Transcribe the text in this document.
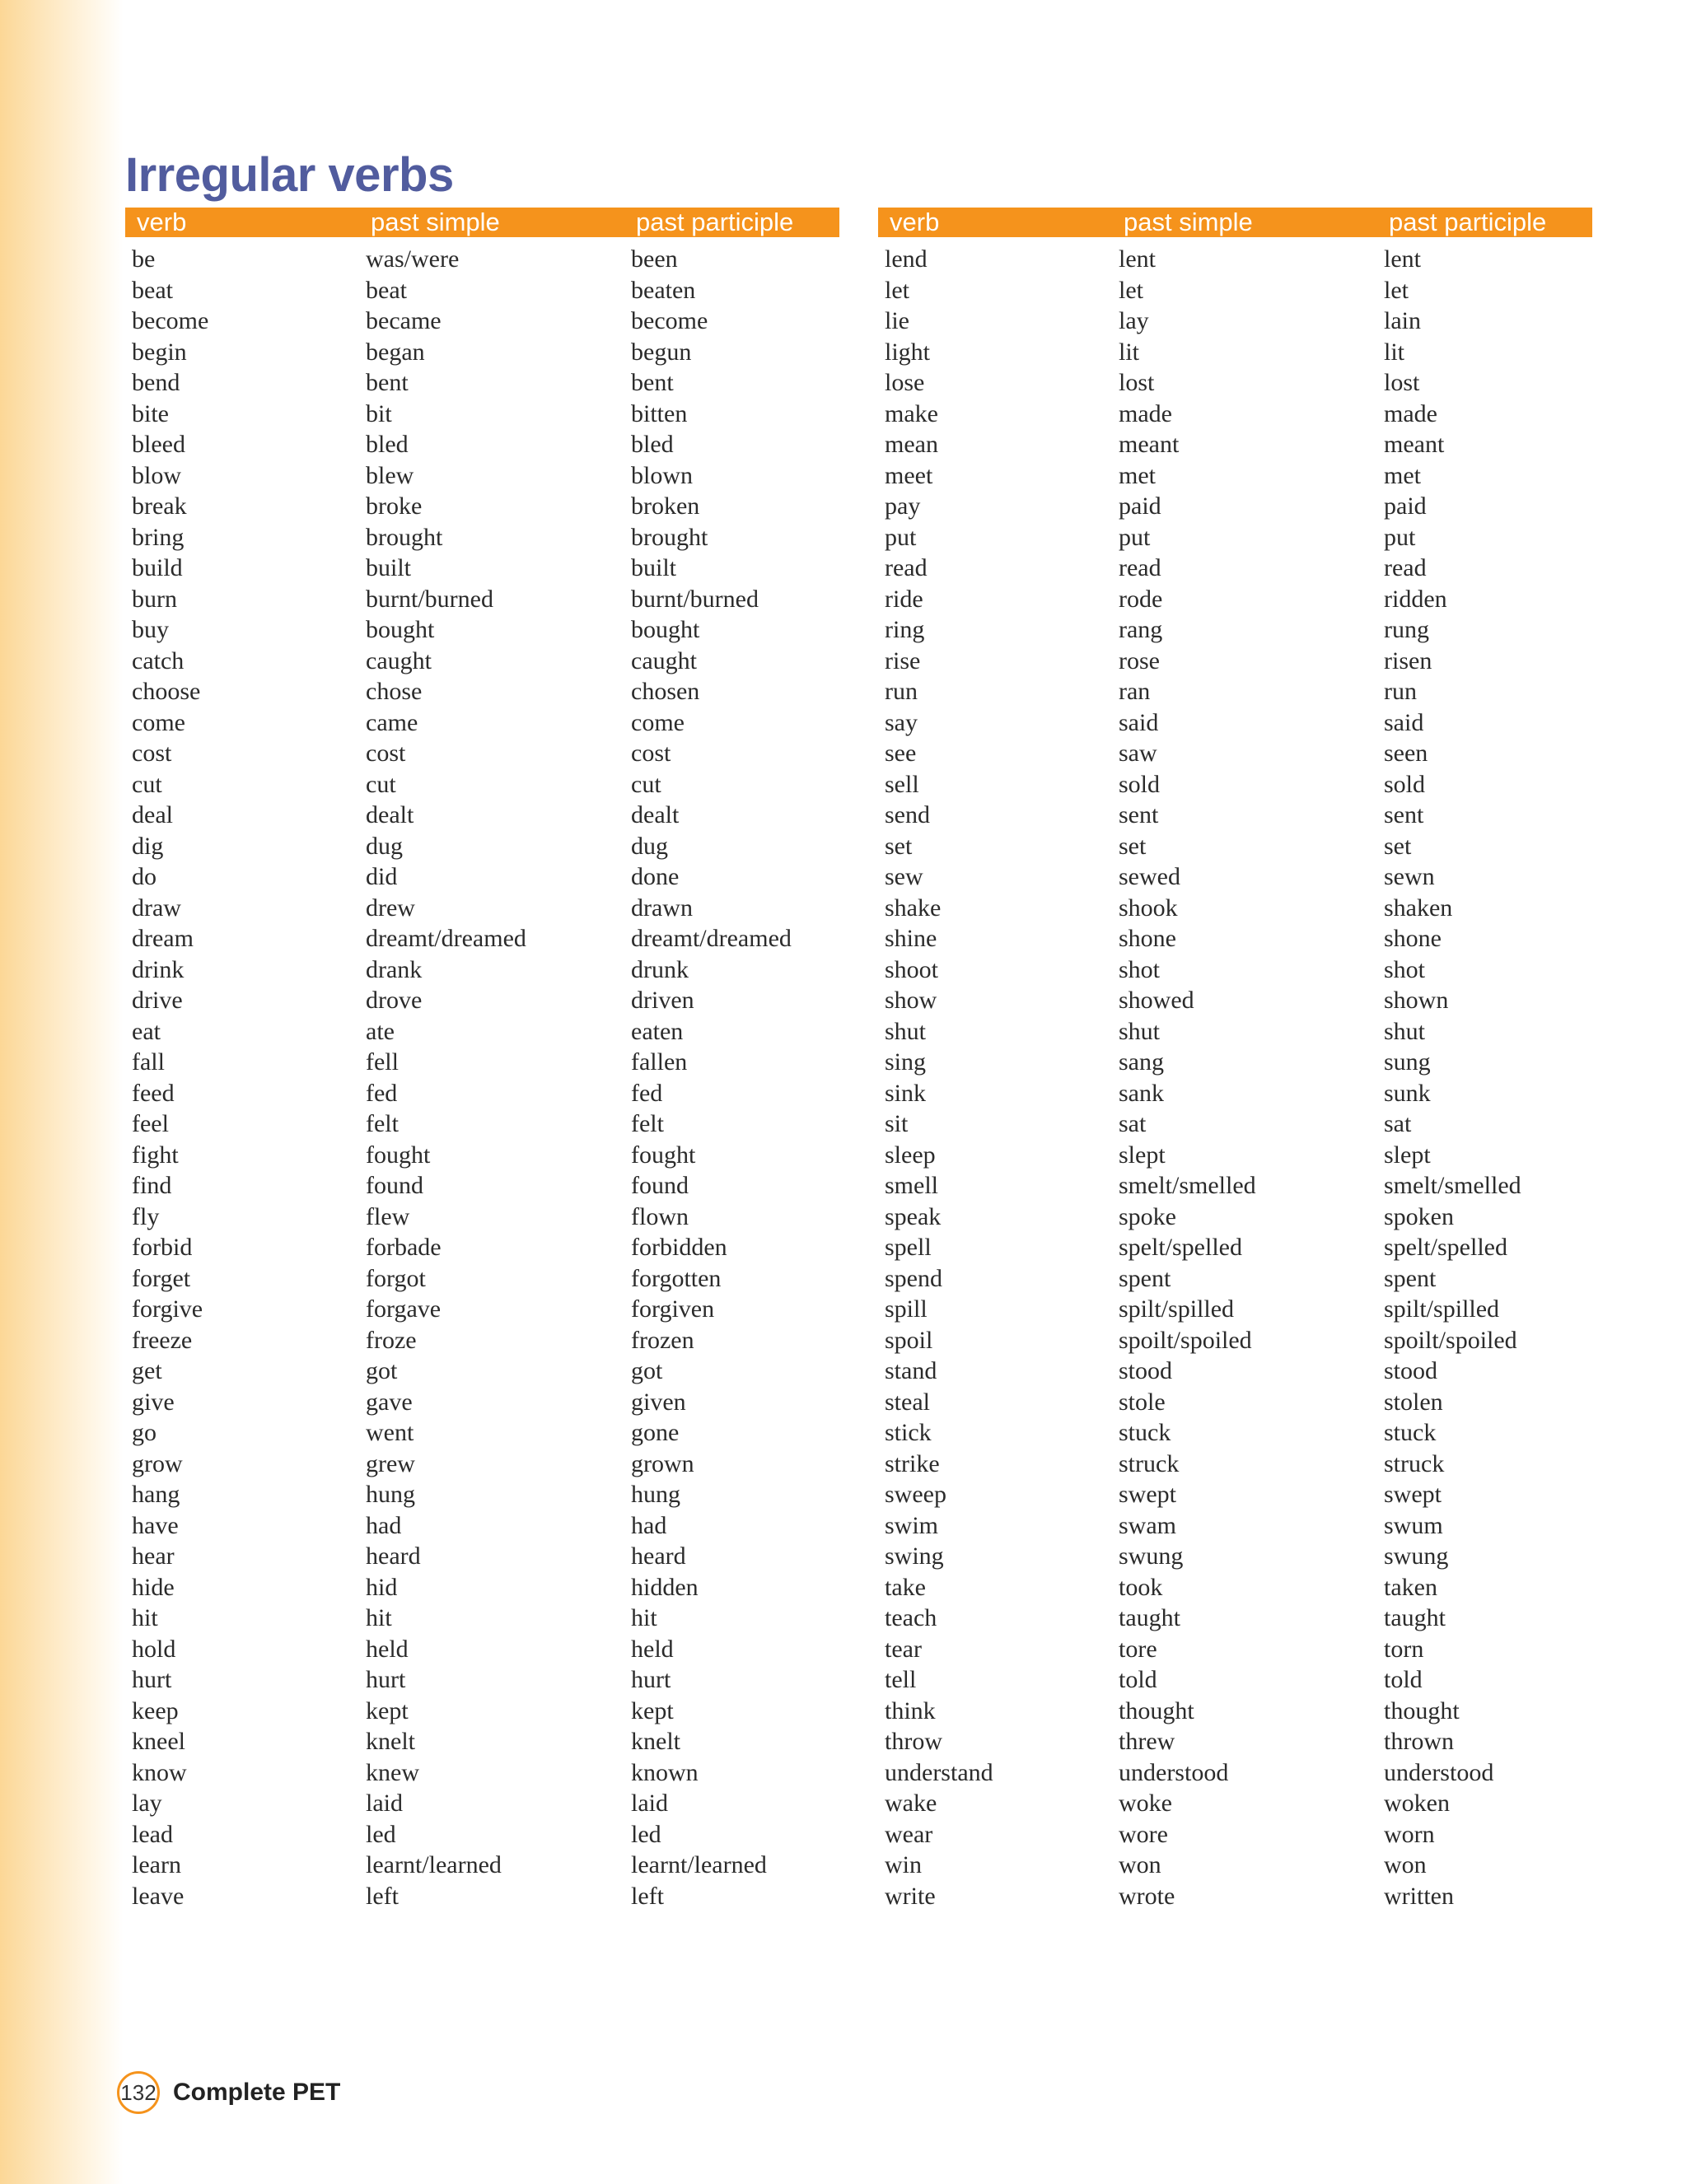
Irregular verbs
verb	past simple	past participle
be	was/were	been
beat	beat	beaten
become	became	become
begin	began	begun
bend	bent	bent
bite	bit	bitten
bleed	bled	bled
blow	blew	blown
break	broke	broken
bring	brought	brought
build	built	built
burn	burnt/burned	burnt/burned
buy	bought	bought
catch	caught	caught
choose	chose	chosen
come	came	come
cost	cost	cost
cut	cut	cut
deal	dealt	dealt
dig	dug	dug
do	did	done
draw	drew	drawn
dream	dreamt/dreamed	dreamt/dreamed
drink	drank	drunk
drive	drove	driven
eat	ate	eaten
fall	fell	fallen
feed	fed	fed
feel	felt	felt
fight	fought	fought
find	found	found
fly	flew	flown
forbid	forbade	forbidden
forget	forgot	forgotten
forgive	forgave	forgiven
freeze	froze	frozen
get	got	got
give	gave	given
go	went	gone
grow	grew	grown
hang	hung	hung
have	had	had
hear	heard	heard
hide	hid	hidden
hit	hit	hit
hold	held	held
hurt	hurt	hurt
keep	kept	kept
kneel	knelt	knelt
know	knew	known
lay	laid	laid
lead	led	led
learn	learnt/learned	learnt/learned
leave	left	left
verb	past simple	past participle
lend	lent	lent
let	let	let
lie	lay	lain
light	lit	lit
lose	lost	lost
make	made	made
mean	meant	meant
meet	met	met
pay	paid	paid
put	put	put
read	read	read
ride	rode	ridden
ring	rang	rung
rise	rose	risen
run	ran	run
say	said	said
see	saw	seen
sell	sold	sold
send	sent	sent
set	set	set
sew	sewed	sewn
shake	shook	shaken
shine	shone	shone
shoot	shot	shot
show	showed	shown
shut	shut	shut
sing	sang	sung
sink	sank	sunk
sit	sat	sat
sleep	slept	slept
smell	smelt/smelled	smelt/smelled
speak	spoke	spoken
spell	spelt/spelled	spelt/spelled
spend	spent	spent
spill	spilt/spilled	spilt/spilled
spoil	spoilt/spoiled	spoilt/spoiled
stand	stood	stood
steal	stole	stolen
stick	stuck	stuck
strike	struck	struck
sweep	swept	swept
swim	swam	swum
swing	swung	swung
take	took	taken
teach	taught	taught
tear	tore	torn
tell	told	told
think	thought	thought
throw	threw	thrown
understand	understood	understood
wake	woke	woken
wear	wore	worn
win	won	won
write	wrote	written
132 Complete PET
